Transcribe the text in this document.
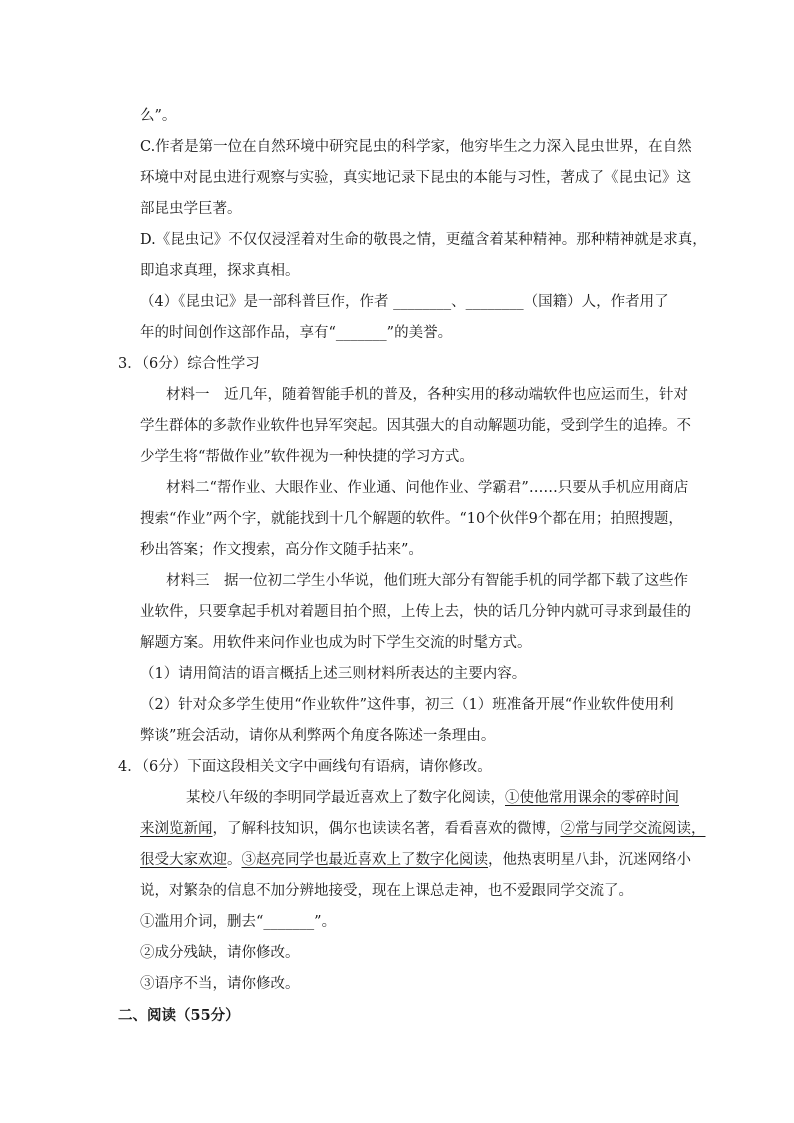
么”。
C.作者是第一位在自然环境中研究昆虫的科学家，他穷毕生之力深入昆虫世界，在自然
环境中对昆虫进行观察与实验，真实地记录下昆虫的本能与习性，著成了《昆虫记》这
部昆虫学巨著。
D.《昆虫记》不仅仅浸淫着对生命的敬畏之情，更蕴含着某种精神。那种精神就是求真，
即追求真理，探求真相。
（4）《昆虫记》是一部科普巨作，作者 ________、________（国籍）人，作者用了
年的时间创作这部作品，享有“_______”的美誉。
3．（6分）综合性学习
材料一　近几年，随着智能手机的普及，各种实用的移动端软件也应运而生，针对
学生群体的多款作业软件也异军突起。因其强大的自动解题功能，受到学生的追捧。不
少学生将“帮做作业”软件视为一种快捷的学习方式。
材料二“帮作业、大眼作业、作业通、问他作业、学霸君”……只要从手机应用商店
搜索“作业”两个字，就能找到十几个解题的软件。“10个伙伴9个都在用；拍照搜题，
秒出答案；作文搜索，高分作文随手拈来”。
材料三　据一位初二学生小华说，他们班大部分有智能手机的同学都下载了这些作
业软件，只要拿起手机对着题目拍个照，上传上去，快的话几分钟内就可寻求到最佳的
解题方案。用软件来问作业也成为时下学生交流的时髦方式。
（1）请用简洁的语言概括上述三则材料所表达的主要内容。
（2）针对众多学生使用“作业软件”这件事，初三（1）班准备开展“作业软件使用利
弊谈”班会活动，请你从利弊两个角度各陈述一条理由。
4．（6分）下面这段相关文字中画线句有语病，请你修改。
某校八年级的李明同学最近喜欢上了数字化阅读，①使他常用课余的零碎时间
来浏览新闻，了解科技知识，偶尔也读读名著，看看喜欢的微博，②常与同学交流阅读，
很受大家欢迎。③赵亮同学也最近喜欢上了数字化阅读，他热衷明星八卦，沉迷网络小
说，对繁杂的信息不加分辨地接受，现在上课总走神，也不爱跟同学交流了。
①滥用介词，删去“_______”。
②成分残缺，请你修改。
③语序不当，请你修改。
二、阅读（55分）
